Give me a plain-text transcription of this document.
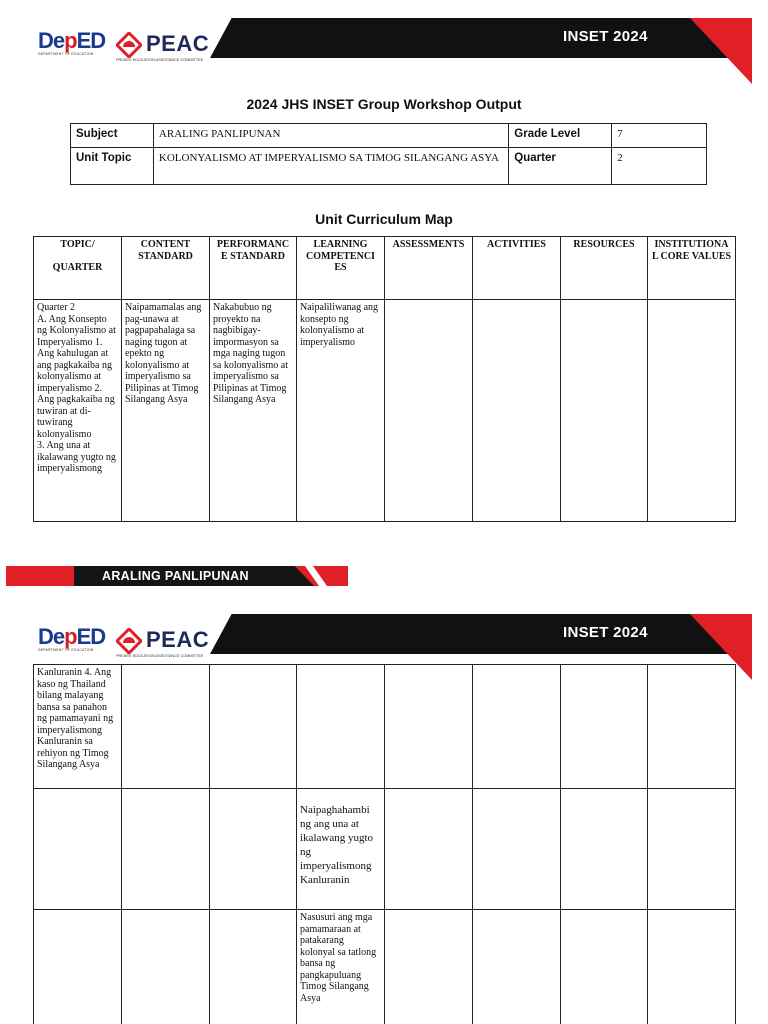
INSET 2024
DepED
DEPARTMENT OF EDUCATION	PEAC
PRIVATE EDUCATION ASSISTANCE COMMITTEE
2024 JHS INSET Group Workshop Output
Subject	ARALING PANLIPUNAN	Grade Level	7
Unit Topic	KOLONYALISMO AT IMPERYALISMO SA TIMOG SILANGANG ASYA	Quarter	2
Unit Curriculum Map
TOPIC/

QUARTER	CONTENT STANDARD	PERFORMANC E STANDARD	LEARNING COMPETENCI ES	ASSESSMENTS	ACTIVITIES	RESOURCES	INSTITUTIONA L CORE VALUES

Quarter 2
A. Ang Konsepto ng Kolonyalismo at Imperyalismo 1. Ang kahulugan at ang pagkakaiba ng kolonyalismo at imperyalismo 2. Ang pagkakaiba ng tuwiran at di-tuwirang kolonyalismo
3. Ang una at ikalawang yugto ng imperyalismong	Naipamamalas ang pag-unawa at pagpapahalaga sa naging tugon at epekto ng kolonyalismo at imperyalismo sa Pilipinas at Timog Silangang Asya	Nakabubuo ng proyekto na nagbibigay-impormasyon sa mga naging tugon sa kolonyalismo at imperyalismo sa Pilipinas at Timog Silangang Asya	Naipaliliwanag ang konsepto ng kolonyalismo at imperyalismo				
ARALING PANLIPUNAN
INSET 2024
DepED
DEPARTMENT OF EDUCATION	PEAC
PRIVATE EDUCATION ASSISTANCE COMMITTEE
Kanluranin 4. Ang kaso ng Thailand bilang malayang bansa sa panahon ng pamamayani ng imperyalismong Kanluranin sa rehiyon ng Timog Silangang Asya							
			Naipaghahambi ng ang una at ikalawang yugto ng imperyalismong Kanluranin				
			Nasusuri ang mga pamamaraan at patakarang kolonyal sa tatlong bansa ng pangkapuluang Timog Silangang Asya				
